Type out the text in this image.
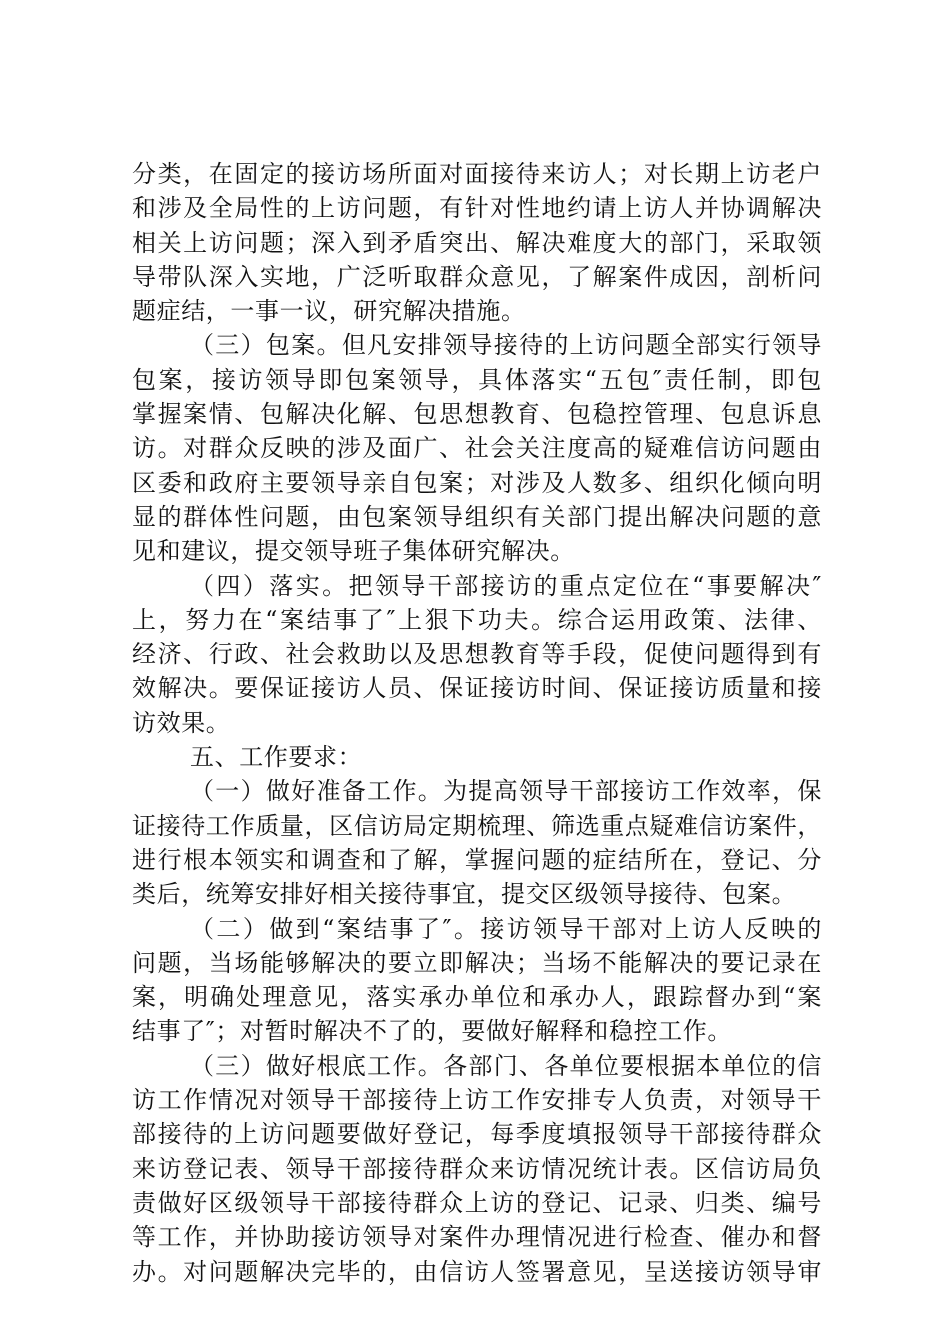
分类，在固定的接访场所面对面接待来访人；对长期上访老户
和涉及全局性的上访问题，有针对性地约请上访人并协调解决
相关上访问题；深入到矛盾突出、解决难度大的部门，采取领
导带队深入实地，广泛听取群众意见，了解案件成因，剖析问
题症结，一事一议，研究解决措施。
（三）包案。但凡安排领导接待的上访问题全部实行领导
包案，接访领导即包案领导，具体落实“五包″责任制，即包
掌握案情、包解决化解、包思想教育、包稳控管理、包息诉息
访。对群众反映的涉及面广、社会关注度高的疑难信访问题由
区委和政府主要领导亲自包案；对涉及人数多、组织化倾向明
显的群体性问题，由包案领导组织有关部门提出解决问题的意
见和建议，提交领导班子集体研究解决。
（四）落实。把领导干部接访的重点定位在“事要解决″
上，努力在“案结事了″上狠下功夫。综合运用政策、法律、
经济、行政、社会救助以及思想教育等手段，促使问题得到有
效解决。要保证接访人员、保证接访时间、保证接访质量和接
访效果。
五、工作要求：
（一）做好准备工作。为提高领导干部接访工作效率，保
证接待工作质量，区信访局定期梳理、筛选重点疑难信访案件，
进行根本领实和调查和了解，掌握问题的症结所在，登记、分
类后，统筹安排好相关接待事宜，提交区级领导接待、包案。
（二）做到“案结事了″。接访领导干部对上访人反映的
问题，当场能够解决的要立即解决；当场不能解决的要记录在
案，明确处理意见，落实承办单位和承办人，跟踪督办到“案
结事了″；对暂时解决不了的，要做好解释和稳控工作。
（三）做好根底工作。各部门、各单位要根据本单位的信
访工作情况对领导干部接待上访工作安排专人负责，对领导干
部接待的上访问题要做好登记，每季度填报领导干部接待群众
来访登记表、领导干部接待群众来访情况统计表。区信访局负
责做好区级领导干部接待群众上访的登记、记录、归类、编号
等工作，并协助接访领导对案件办理情况进行检查、催办和督
办。对问题解决完毕的，由信访人签署意见，呈送接访领导审
